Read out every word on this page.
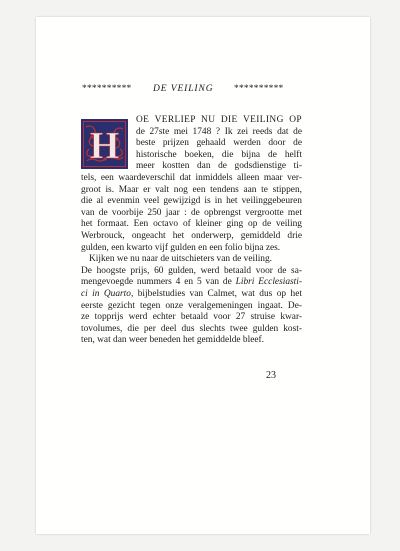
********** DE VEILING **********
H
OE VERLIEP NU DIE VEILING OP
de 27ste mei 1748 ? Ik zei reeds dat de
beste prijzen gehaald werden door de
historische boeken, die bijna de helft
meer kostten dan de godsdienstige ti-
tels, een waardeverschil dat inmiddels alleen maar ver-
groot is. Maar er valt nog een tendens aan te stippen,
die al evenmin veel gewijzigd is in het veilinggebeuren
van de voorbije 250 jaar : de opbrengst vergrootte met
het formaat. Een octavo of kleiner ging op de veiling
Werbrouck, ongeacht het onderwerp, gemiddeld drie
gulden, een kwarto vijf gulden en een folio bijna zes.
Kijken we nu naar de uitschieters van de veiling.
De hoogste prijs, 60 gulden, werd betaald voor de sa-
mengevoegde nummers 4 en 5 van de Libri Ecclesiasti-
ci in Quarto, bijbelstudies van Calmet, wat dus op het
eerste gezicht tegen onze veralgemeningen ingaat. De-
ze topprijs werd echter betaald voor 27 struise kwar-
tovolumes, die per deel dus slechts twee gulden kost-
ten, wat dan weer beneden het gemiddelde bleef.
23
